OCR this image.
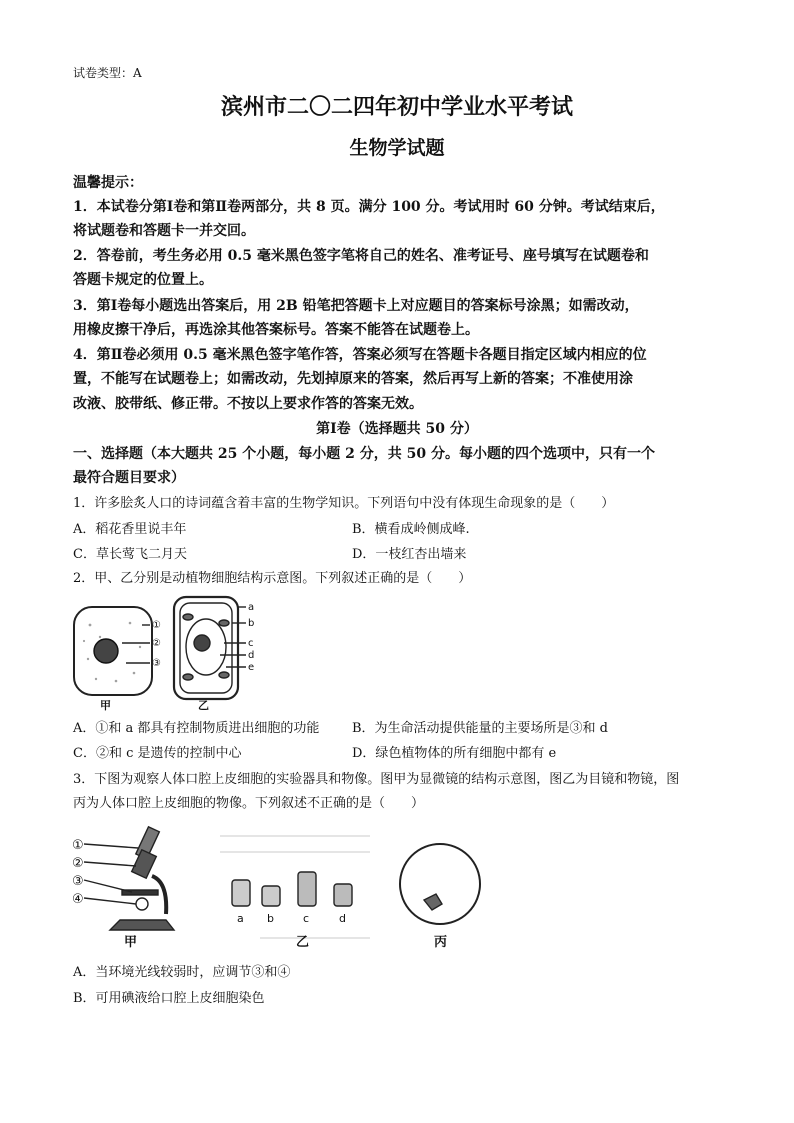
试卷类型：A
滨州市二〇二四年初中学业水平考试
生物学试题
温馨提示：
1．本试卷分第Ⅰ卷和第Ⅱ卷两部分，共 8 页。满分 100 分。考试用时 60 分钟。考试结束后，
将试题卷和答题卡一并交回。
2．答卷前，考生务必用 0.5 毫米黑色签字笔将自己的姓名、准考证号、座号填写在试题卷和
答题卡规定的位置上。
3．第Ⅰ卷每小题选出答案后，用 2B 铅笔把答题卡上对应题目的答案标号涂黑；如需改动，
用橡皮擦干净后，再选涂其他答案标号。答案不能答在试题卷上。
4．第Ⅱ卷必须用 0.5 毫米黑色签字笔作答，答案必须写在答题卡各题目指定区域内相应的位
置，不能写在试题卷上；如需改动，先划掉原来的答案，然后再写上新的答案；不准使用涂
改液、胶带纸、修正带。不按以上要求作答的答案无效。
第Ⅰ卷（选择题共 50 分）
一、选择题（本大题共 25 个小题，每小题 2 分，共 50 分。每小题的四个选项中，只有一个
最符合题目要求）
1．许多脍炙人口的诗词蕴含着丰富的生物学知识。下列语句中没有体现生命现象的是（　　）
A．稻花香里说丰年	B．横看成岭侧成峰.
C．草长莺飞二月天	D．一枝红杏出墙来
2．甲、乙分别是动植物细胞结构示意图。下列叙述正确的是（　　）
①
②
③
a
b
c
d
e
甲	乙
A．①和 a 都具有控制物质进出细胞的功能	B．为生命活动提供能量的主要场所是③和 d
C．②和 c 是遗传的控制中心	D．绿色植物体的所有细胞中都有 e
3．下图为观察人体口腔上皮细胞的实验器具和物像。图甲为显微镜的结构示意图，图乙为目镜和物镜，图
丙为人体口腔上皮细胞的物像。下列叙述不正确的是（　　）
①
②
③
④
a b	c	d
甲	乙	丙
A．当环境光线较弱时，应调节③和④
B．可用碘液给口腔上皮细胞染色
